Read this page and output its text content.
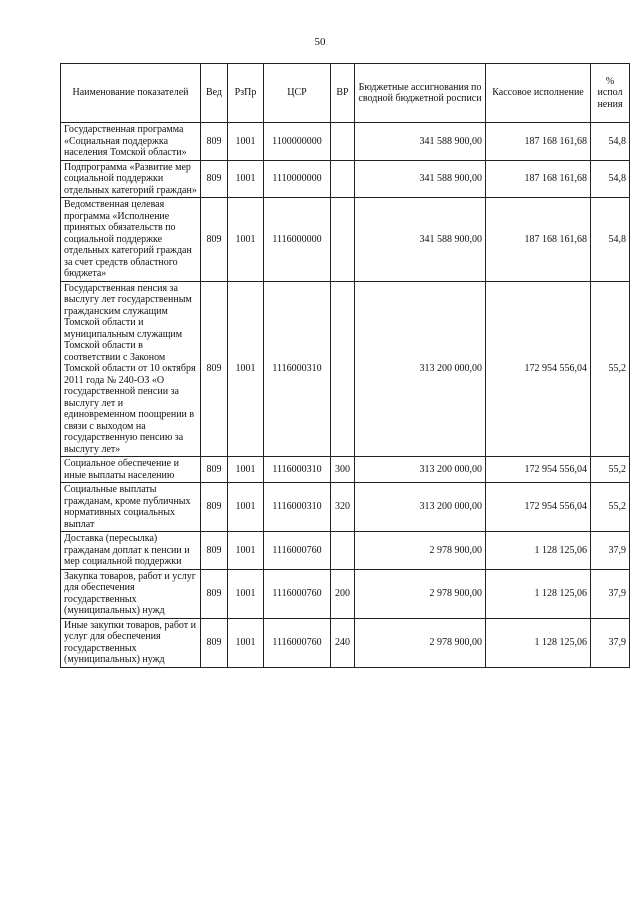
50
Наименование показателей	Вед	РзПр	ЦСР	ВР	Бюджетные ассигнования по сводной бюджетной росписи	Кассовое исполнение	% испол нения
Государственная программа «Социальная поддержка населения Томской области»	809	1001	1100000000		341 588 900,00	187 168 161,68	54,8
Подпрограмма «Развитие мер социальной поддержки отдельных категорий граждан»	809	1001	1110000000		341 588 900,00	187 168 161,68	54,8
Ведомственная целевая программа «Исполнение принятых обязательств по социальной поддержке отдельных категорий граждан за счет средств областного бюджета»	809	1001	1116000000		341 588 900,00	187 168 161,68	54,8
Государственная пенсия за выслугу лет государственным гражданским служащим Томской области и муниципальным служащим Томской области в соответствии с Законом Томской области от 10 октября 2011 года № 240-ОЗ «О государственной пенсии за выслугу лет и единовременном поощрении в связи с выходом на государственную пенсию за выслугу лет»	809	1001	1116000310		313 200 000,00	172 954 556,04	55,2
Социальное обеспечение и иные выплаты населению	809	1001	1116000310	300	313 200 000,00	172 954 556,04	55,2
Социальные выплаты гражданам, кроме публичных нормативных социальных выплат	809	1001	1116000310	320	313 200 000,00	172 954 556,04	55,2
Доставка (пересылка) гражданам доплат к пенсии и мер социальной поддержки	809	1001	1116000760		2 978 900,00	1 128 125,06	37,9
Закупка товаров, работ и услуг для обеспечения государственных (муниципальных) нужд	809	1001	1116000760	200	2 978 900,00	1 128 125,06	37,9
Иные закупки товаров, работ и услуг для обеспечения государственных (муниципальных) нужд	809	1001	1116000760	240	2 978 900,00	1 128 125,06	37,9
